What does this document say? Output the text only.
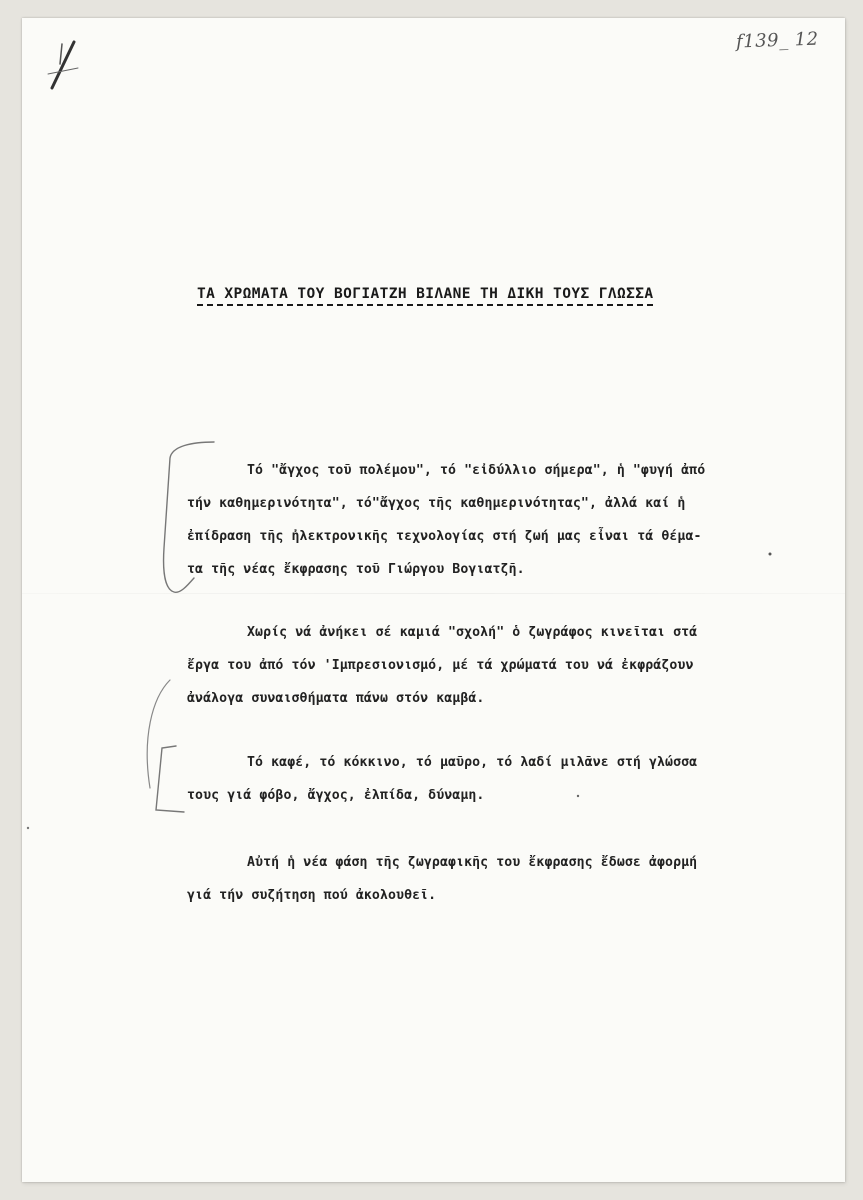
f139_ 12
ΤΑ ΧΡΩΜΑΤΑ ΤΟΥ ΒΟΓΙΑΤΖΗ ΒΙΛΑΝΕ ΤΗ ΔΙΚΗ ΤΟΥΣ ΓΛΩΣΣΑ
Τό "ἄγχος τοῦ πολέμου", τό "εἰδύλλιο σήμερα", ἡ "φυγή ἀπό
τήν καθημερινότητα", τό"ἄγχος τῆς καθημερινότητας", ἀλλά καί ἡ
ἐπίδραση τῆς ἠλεκτρονικῆς τεχνολογίας στή ζωή μας εἶναι τά θέμα-
τα τῆς νέας ἔκφρασης τοῦ Γιώργου Βογιατζῆ.
Χωρίς νά ἀνήκει σέ καμιά "σχολή" ὁ ζωγράφος κινεῖται στά
ἔργα του ἀπό τόν 'Ιμπρεσιονισμό, μέ τά χρώματά του νά ἐκφράζουν
ἀνάλογα συναισθήματα πάνω στόν καμβά.
Τό καφέ, τό κόκκινο, τό μαῦρο, τό λαδί μιλᾶνε στή γλώσσα
τους γιά φόβο, ἄγχος, ἐλπίδα, δύναμη.
Αὐτή ἡ νέα φάση τῆς ζωγραφικῆς του ἔκφρασης ἔδωσε ἀφορμή
γιά τήν συζήτηση πού ἀκολουθεῖ.
